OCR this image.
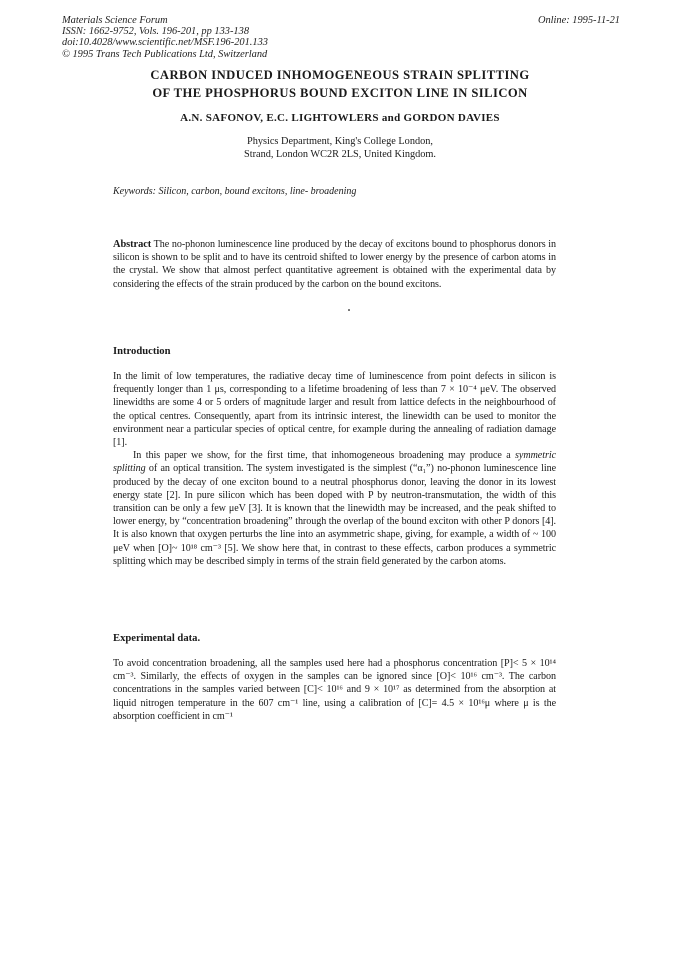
Materials Science Forum
ISSN: 1662-9752, Vols. 196-201, pp 133-138
doi:10.4028/www.scientific.net/MSF.196-201.133
© 1995 Trans Tech Publications Ltd, Switzerland
Online: 1995-11-21
CARBON INDUCED INHOMOGENEOUS STRAIN SPLITTING
OF THE PHOSPHORUS BOUND EXCITON LINE IN SILICON
A.N. SAFONOV, E.C. LIGHTOWLERS and GORDON DAVIES
Physics Department, King's College London,
Strand, London WC2R 2LS, United Kingdom.
Keywords: Silicon, carbon, bound excitons, line- broadening

Abstract The no-phonon luminescence line produced by the decay of excitons bound to phosphorus donors in silicon is shown to be split and to have its centroid shifted to lower energy by the presence of carbon atoms in the crystal. We show that almost perfect quantitative agreement is obtained with the experimental data by considering the effects of the strain produced by the carbon on the bound excitons.

Introduction

In the limit of low temperatures, the radiative decay time of luminescence from point defects in silicon is frequently longer than 1 μs, corresponding to a lifetime broadening of less than 7 × 10⁻⁴ μeV. The observed linewidths are some 4 or 5 orders of magnitude larger and result from lattice defects in the neighbourhood of the optical centres. Consequently, apart from its intrinsic interest, the linewidth can be used to monitor the environment near a particular species of optical centre, for example during the annealing of radiation damage [1].

In this paper we show, for the first time, that inhomogeneous broadening may produce a symmetric splitting of an optical transition. The system investigated is the simplest (“α₁”) no-phonon luminescence line produced by the decay of one exciton bound to a neutral phosphorus donor, leaving the donor in its lowest energy state [2]. In pure silicon which has been doped with P by neutron-transmutation, the width of this transition can be only a few μeV [3]. It is known that the linewidth may be increased, and the peak shifted to lower energy, by “concentration broadening” through the overlap of the bound exciton with other P donors [4]. It is also known that oxygen perturbs the line into an asymmetric shape, giving, for example, a width of ~ 100 μeV when [O]~ 10¹⁸ cm⁻³ [5]. We show here that, in contrast to these effects, carbon produces a symmetric splitting which may be described simply in terms of the strain field generated by the carbon atoms.

Experimental data.

To avoid concentration broadening, all the samples used here had a phosphorus concentration [P]< 5 × 10¹⁴ cm⁻³. Similarly, the effects of oxygen in the samples can be ignored since [O]< 10¹⁶ cm⁻³. The carbon concentrations in the samples varied between [C]< 10¹⁶ and 9 × 10¹⁷ as determined from the absorption at liquid nitrogen temperature in the 607 cm⁻¹ line, using a calibration of [C]= 4.5 × 10¹⁶μ where μ is the absorption coefficient in cm⁻¹
